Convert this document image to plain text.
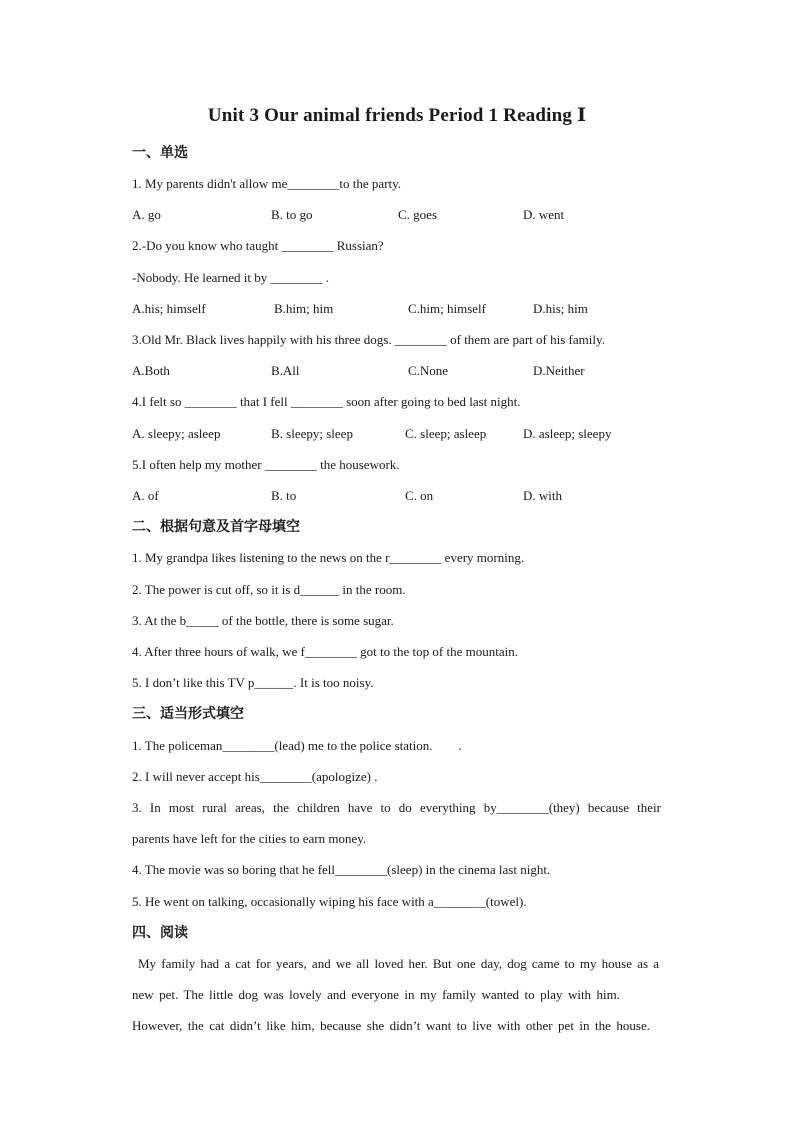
Unit 3 Our animal friends Period 1 Reading Ⅰ
一、单选
1. My parents didn't allow me________to the party.
A. go	B. to go	C. goes	D. went
2.-Do you know who taught ________ Russian?
-Nobody. He learned it by ________ .
A.his; himself	B.him; him	C.him; himself	D.his; him
3.Old Mr. Black lives happily with his three dogs. ________ of them are part of his family.
A.Both	B.All	C.None	D.Neither
4.I felt so ________ that I fell ________ soon after going to bed last night.
A. sleepy; asleep	B. sleepy; sleep	C. sleep; asleep	D. asleep; sleepy
5.I often help my mother ________ the housework.
A. of	B. to	C. on	D. with
二、根据句意及首字母填空
1. My grandpa likes listening to the news on the r________ every morning.
2. The power is cut off, so it is d______ in the room.
3. At the b_____ of the bottle, there is some sugar.
4. After three hours of walk, we f________ got to the top of the mountain.
5. I don’t like this TV p______. It is too noisy.
三、适当形式填空
1. The policeman________(lead) me to the police station.        .
2. I will never accept his________(apologize) .
3. In most rural areas, the children have to do everything by________(they) because their
parents have left for the cities to earn money.
4. The movie was so boring that he fell________(sleep) in the cinema last night.
5. He went on talking, occasionally wiping his face with a________(towel).
四、阅读
My family had a cat for years, and we all loved her. But one day, dog came to my house as a
new pet. The little dog was lovely and everyone in my family wanted to play with him.
However, the cat didn’t like him, because she didn’t want to live with other pet in the house.
